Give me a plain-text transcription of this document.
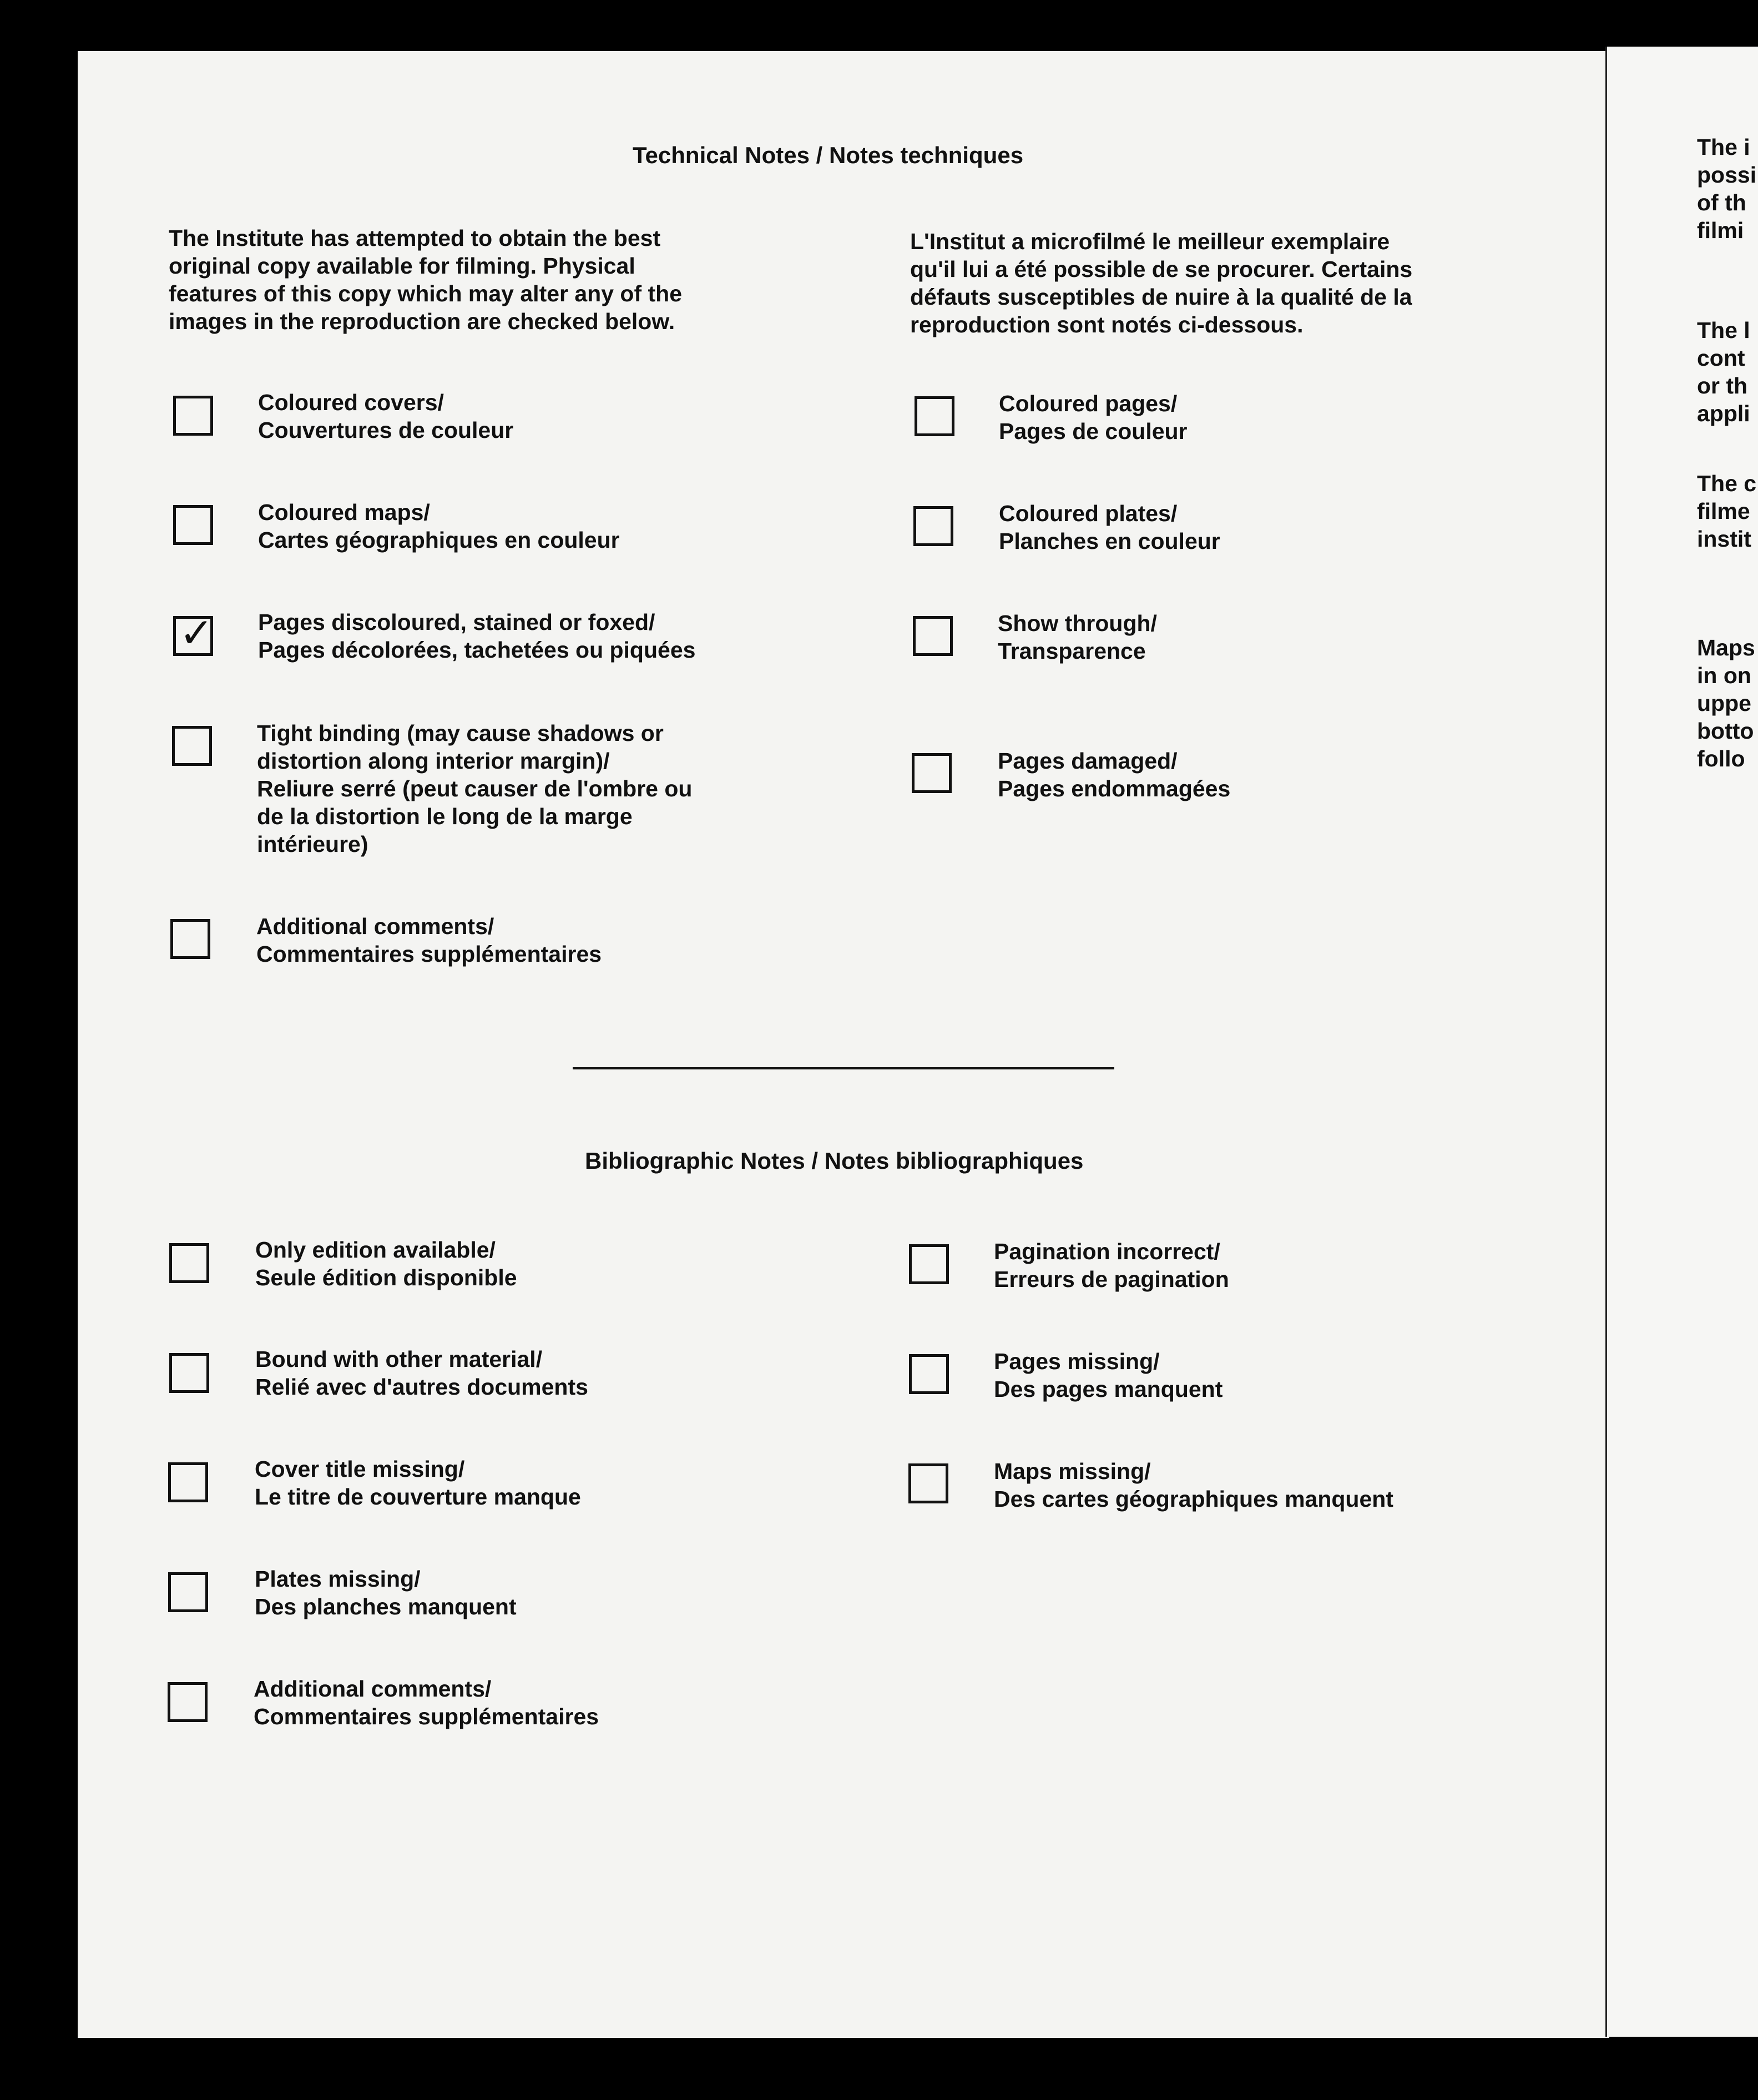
Technical Notes / Notes techniques
The Institute has attempted to obtain the best
original copy available for filming. Physical
features of this copy which may alter any of the
images in the reproduction are checked below.
L'Institut a microfilmé le meilleur exemplaire
qu'il lui a été possible de se procurer. Certains
défauts susceptibles de nuire à la qualité de la
reproduction sont notés ci-dessous.
Coloured covers/
Couvertures de couleur
Coloured maps/
Cartes géographiques en couleur
✓ Pages discoloured, stained or foxed/
Pages décolorées, tachetées ou piquées
Tight binding (may cause shadows or
distortion along interior margin)/
Reliure serré (peut causer de l'ombre ou
de la distortion le long de la marge
intérieure)
Additional comments/
Commentaires supplémentaires
Coloured pages/
Pages de couleur
Coloured plates/
Planches en couleur
Show through/
Transparence
Pages damaged/
Pages endommagées
Bibliographic Notes / Notes bibliographiques
Only edition available/
Seule édition disponible
Bound with other material/
Relié avec d'autres documents
Cover title missing/
Le titre de couverture manque
Plates missing/
Des planches manquent
Additional comments/
Commentaires supplémentaires
Pagination incorrect/
Erreurs de pagination
Pages missing/
Des pages manquent
Maps missing/
Des cartes géographiques manquent
The i
possi
of th
filmi
The l
cont
or th
appli
The c
filme
instit
Maps
in on
uppe
botto
follo
